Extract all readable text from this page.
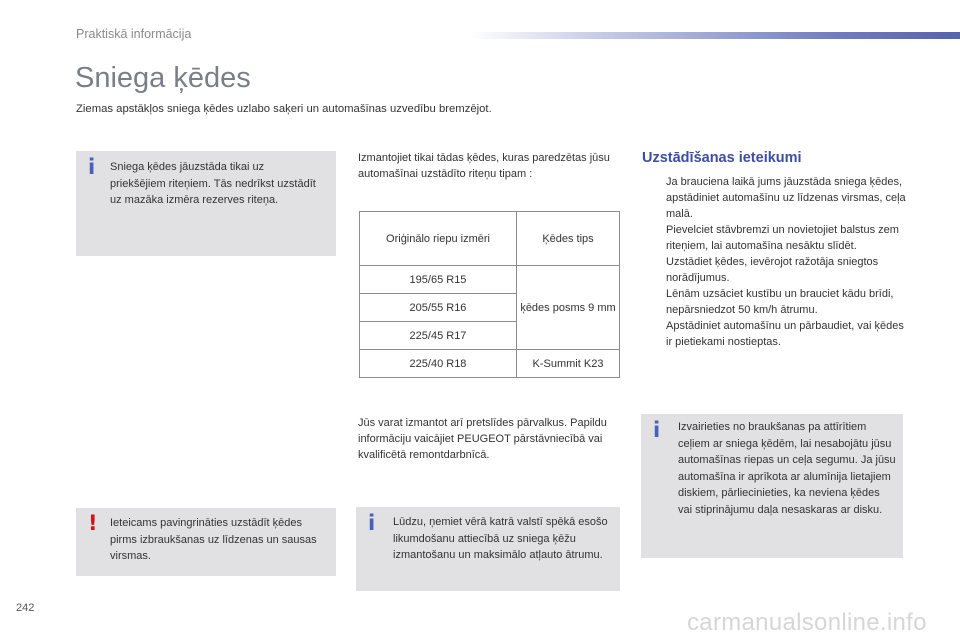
Praktiskā informācija
Sniega ķēdes
Ziemas apstākļos sniega ķēdes uzlabo saķeri un automašīnas uzvedību bremzējot.
i Sniega ķēdes jāuzstāda tikai uz priekšējiem riteņiem. Tās nedrīkst uzstādīt uz mazāka izmēra rezerves riteņa.
! Ieteicams pavingrināties uzstādīt ķēdes pirms izbraukšanas uz līdzenas un sausas virsmas.
Izmantojiet tikai tādas ķēdes, kuras paredzētas jūsu automašīnai uzstādīto riteņu tipam :
Oriģinālo riepu izmēri	Ķēdes tips
195/65 R15	ķēdes posms 9 mm
205/55 R16	
225/45 R17	
225/40 R18	K-Summit K23
Jūs varat izmantot arī pretslīdes pārvalkus. Papildu informāciju vaicājiet PEUGEOT pārstāvniecībā vai kvalificētā remontdarbnīcā.
i Lūdzu, ņemiet vērā katrā valstī spēkā esošo likumdošanu attiecībā uz sniega ķēžu izmantošanu un maksimālo atļauto ātrumu.
Uzstādīšanas ieteikumi
Ja brauciena laikā jums jāuzstāda sniega ķēdes, apstādiniet automašīnu uz līdzenas virsmas, ceļa malā.
Pievelciet stāvbremzi un novietojiet balstus zem riteņiem, lai automašīna nesāktu slīdēt.
Uzstādiet ķēdes, ievērojot ražotāja sniegtos norādījumus.
Lēnām uzsāciet kustību un brauciet kādu brīdi, nepārsniedzot 50 km/h ātrumu.
Apstādiniet automašīnu un pārbaudiet, vai ķēdes ir pietiekami nostieptas.
i Izvairieties no braukšanas pa attīrītiem ceļiem ar sniega ķēdēm, lai nesabojātu jūsu automašīnas riepas un ceļa segumu. Ja jūsu automašīna ir aprīkota ar alumīnija lietajiem diskiem, pārliecinieties, ka neviena ķēdes vai stiprinājumu daļa nesaskaras ar disku.
242
carmanualsonline.info
